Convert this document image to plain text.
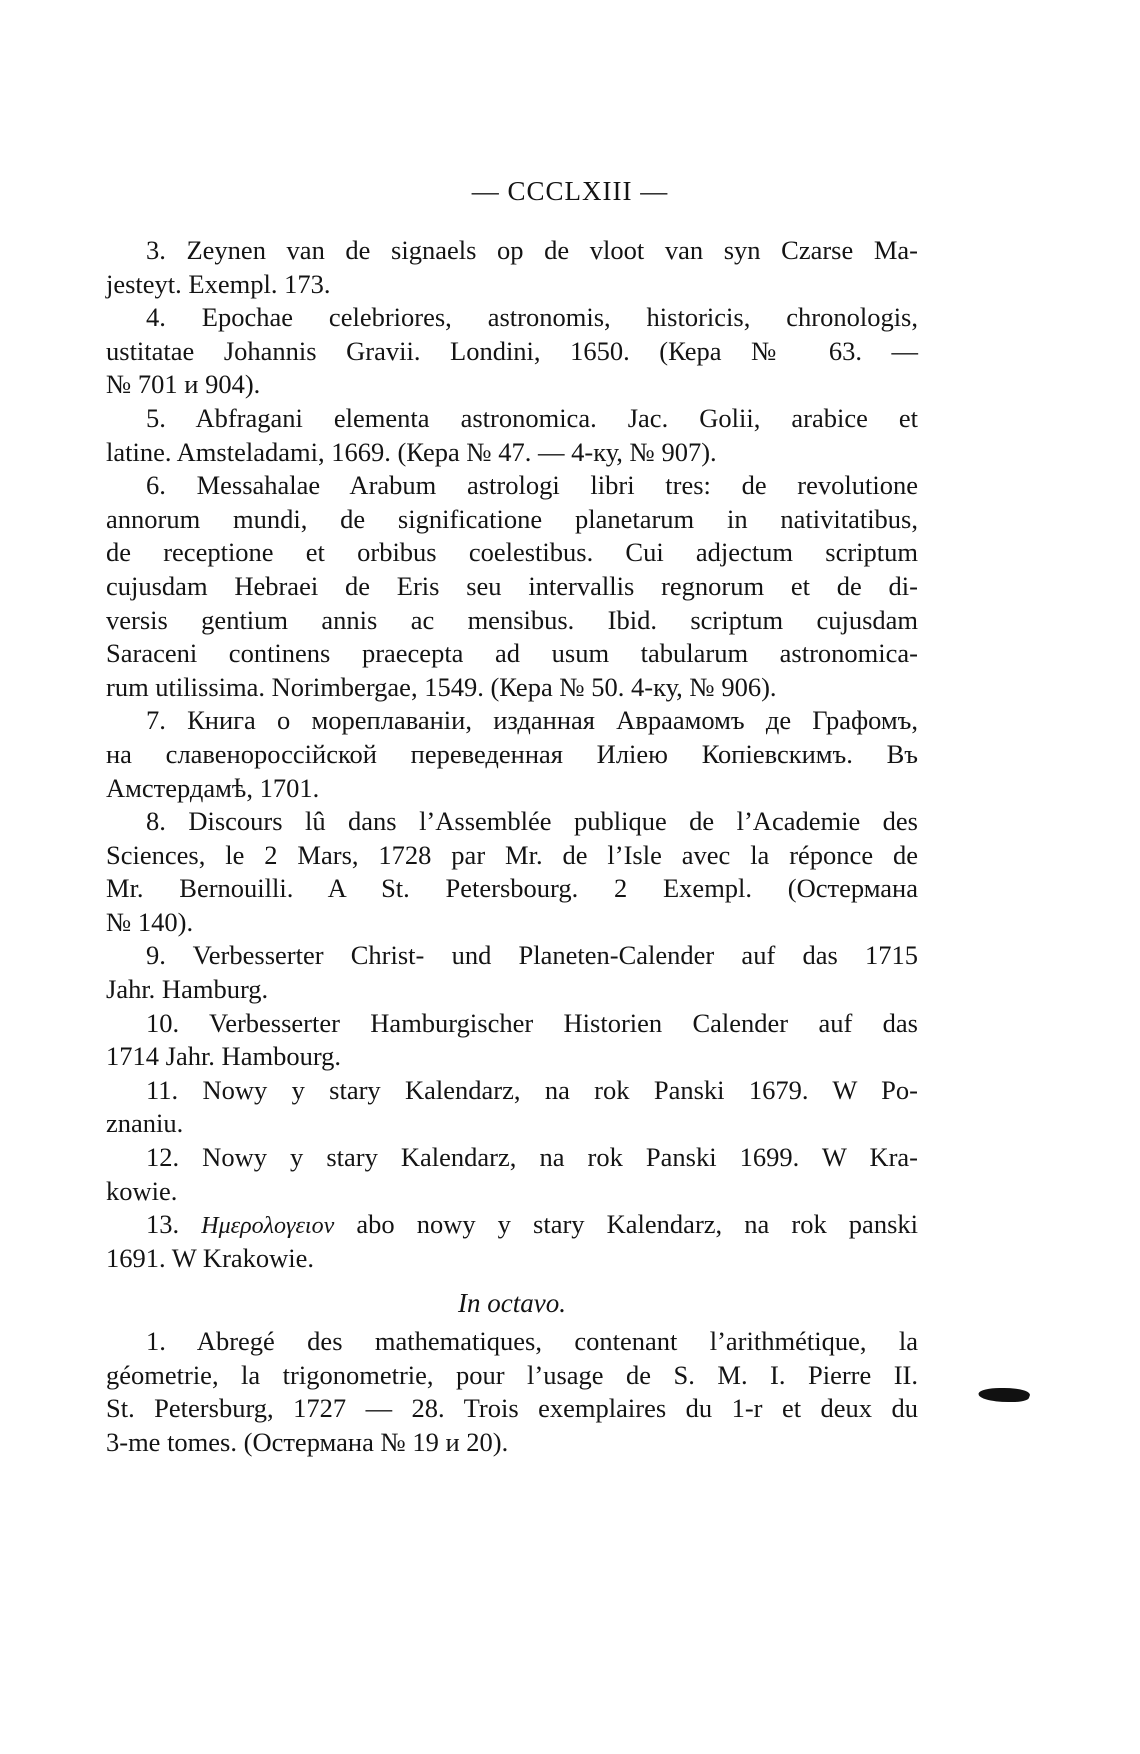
— CCCLXIII —
3. Zeynen van de signaels op de vloot van syn Czarse Ma-
jesteyt. Exempl. 173.
4. Epochae celebriores, astronomis, historicis, chronologis,
ustitatae Johannis Gravii. Londini, 1650. (Кера № 63. —
№ 701 и 904).
5. Abfragani elementa astronomica. Jac. Golii, arabice et
latine. Amsteladami, 1669. (Кера № 47. — 4-ку, № 907).
6. Messahalae Arabum astrologi libri tres: de revolutione
annorum mundi, de significatione planetarum in nativitatibus,
de receptione et orbibus coelestibus. Cui adjectum scriptum
cujusdam Hebraei de Eris seu intervallis regnorum et de di-
versis gentium annis ac mensibus. Ibid. scriptum cujusdam
Saraceni continens praecepta ad usum tabularum astronomica-
rum utilissima. Norimbergae, 1549. (Кера № 50. 4-ку, № 906).
7. Книга о мореплаваніи, изданная Авраамомъ де Графомъ,
на славенороссійской переведенная Иліею Копіевскимъ. Въ
Амстердамѣ, 1701.
8. Discours lû dans l’Assemblée publique de l’Academie des
Sciences, le 2 Mars, 1728 par Mr. de l’Isle avec la réponce de
Mr. Bernouilli. A St. Petersbourg. 2 Exempl. (Остермана
№ 140).
9. Verbesserter Christ- und Planeten-Calender auf das 1715
Jahr. Hamburg.
10. Verbesserter Hamburgischer Historien Calender auf das
1714 Jahr. Hambourg.
11. Nowy y stary Kalendarz, na rok Panski 1679. W Po-
znaniu.
12. Nowy y stary Kalendarz, na rok Panski 1699. W Kra-
kowie.
13. Ημερολογειον abo nowy y stary Kalendarz, na rok panski
1691. W Krakowie.
In octavo.
1. Abregé des mathematiques, contenant l’arithmétique, la
géometrie, la trigonometrie, pour l’usage de S. M. I. Pierre II.
St. Petersburg, 1727 — 28. Trois exemplaires du 1-r et deux du
3-me tomes. (Остермана № 19 и 20).
